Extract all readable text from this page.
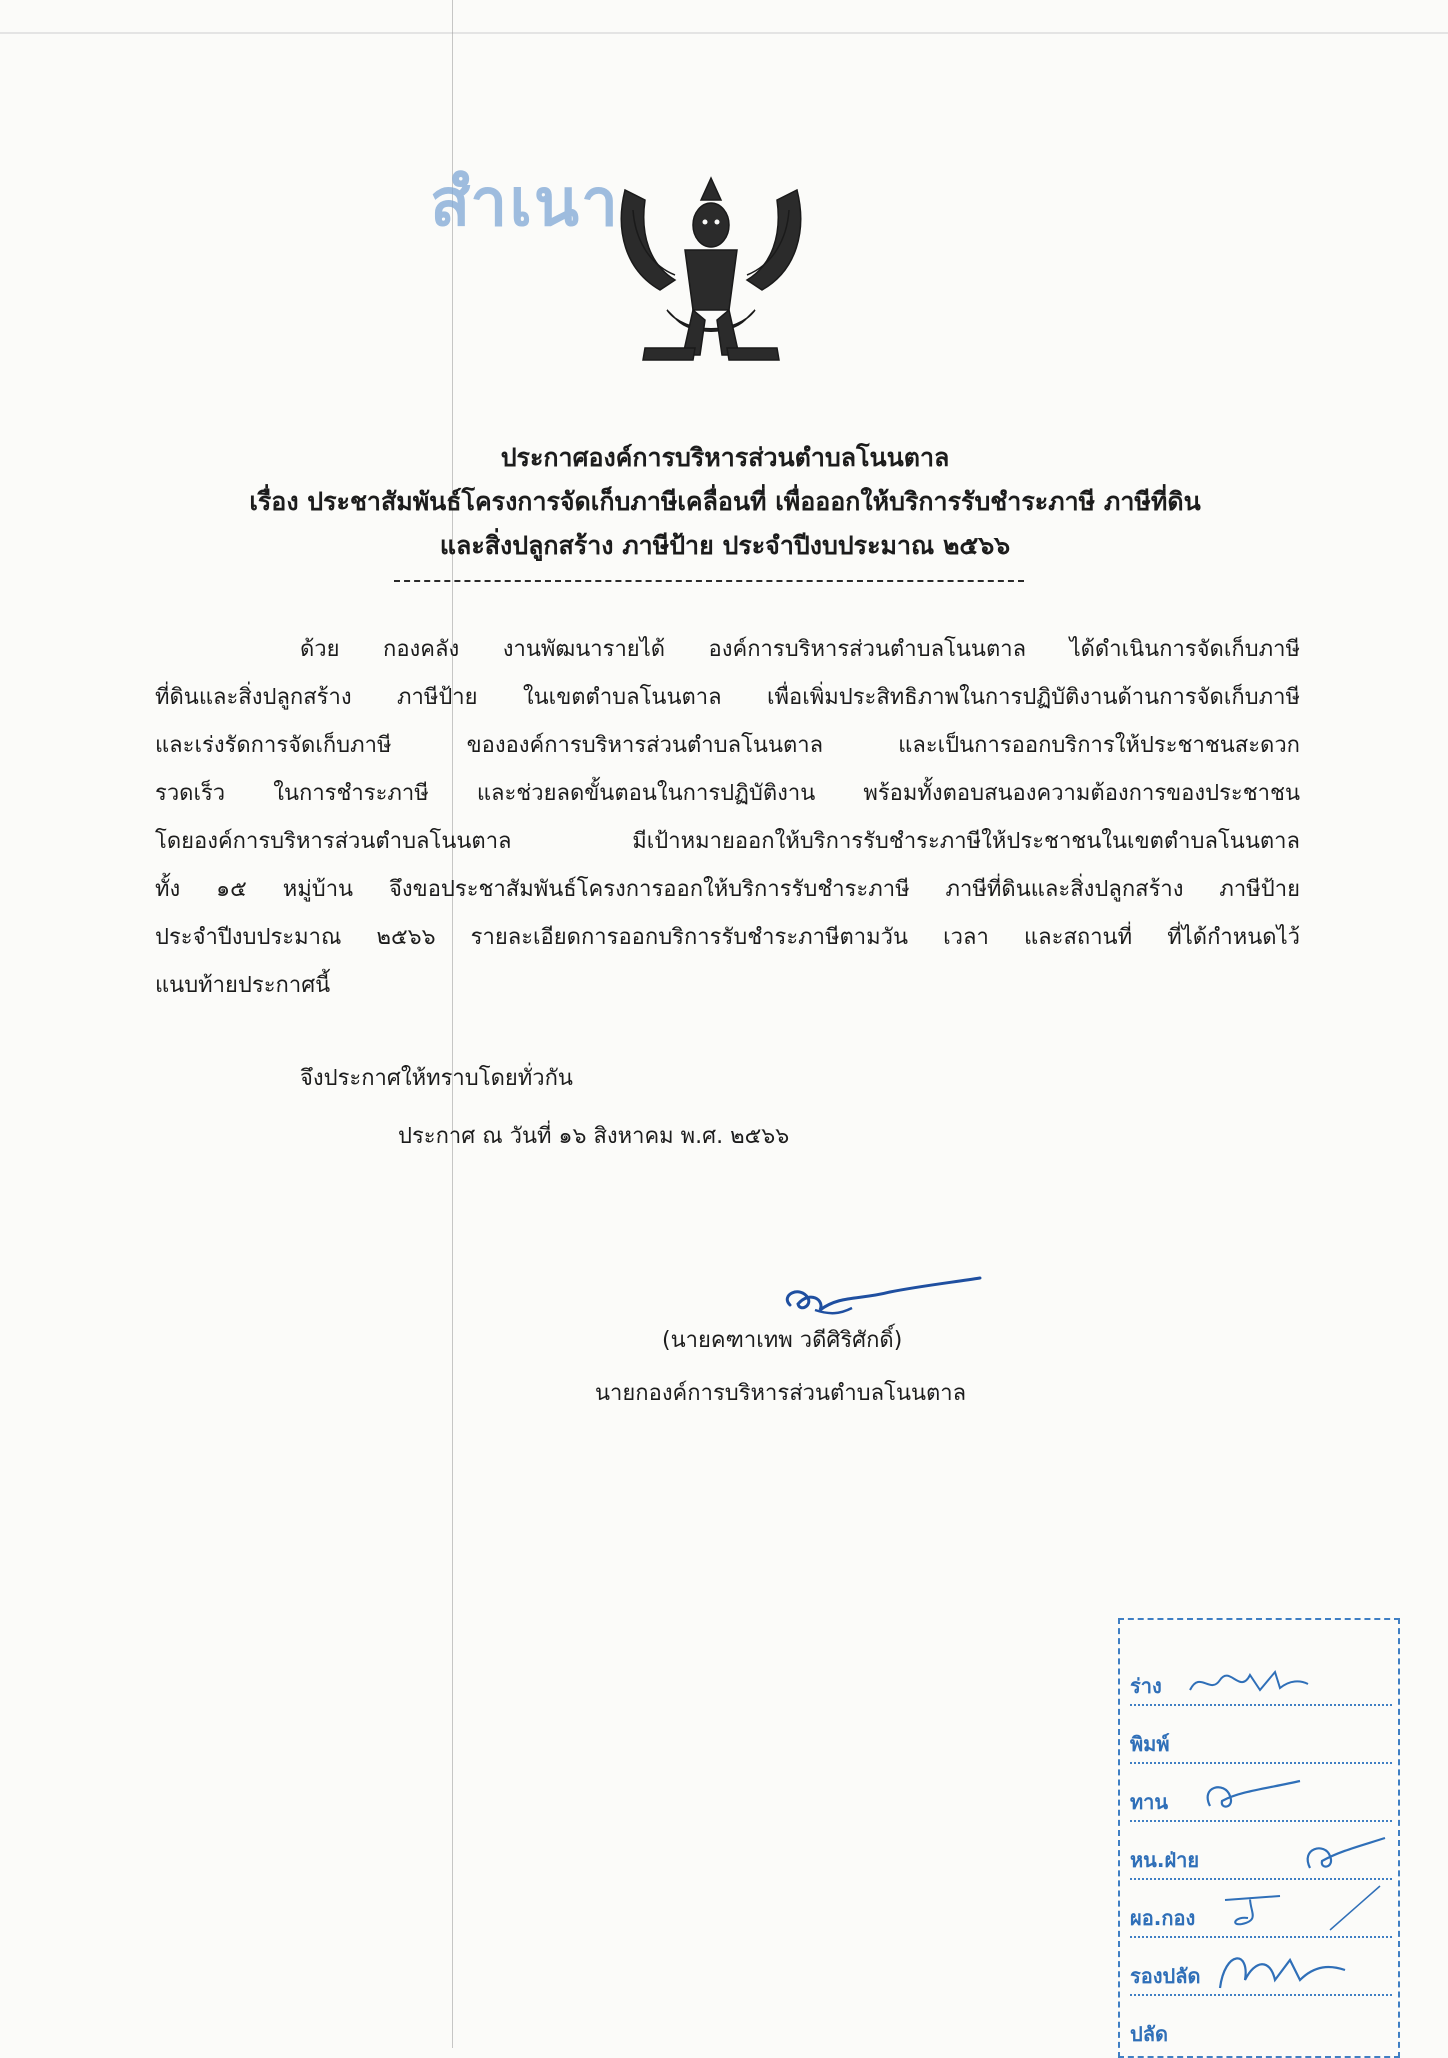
สำเนา
ประกาศองค์การบริหารส่วนตำบลโนนตาล
เรื่อง ประชาสัมพันธ์โครงการจัดเก็บภาษีเคลื่อนที่ เพื่อออกให้บริการรับชำระภาษี ภาษีที่ดิน
และสิ่งปลูกสร้าง ภาษีป้าย ประจำปีงบประมาณ ๒๕๖๖
ด้วย กองคลัง งานพัฒนารายได้ องค์การบริหารส่วนตำบลโนนตาล ได้ดำเนินการจัดเก็บภาษี
ที่ดินและสิ่งปลูกสร้าง ภาษีป้าย ในเขตตำบลโนนตาล เพื่อเพิ่มประสิทธิภาพในการปฏิบัติงานด้านการจัดเก็บภาษี
และเร่งรัดการจัดเก็บภาษี ขององค์การบริหารส่วนตำบลโนนตาล และเป็นการออกบริการให้ประชาชนสะดวก
รวดเร็ว ในการชำระภาษี และช่วยลดขั้นตอนในการปฏิบัติงาน พร้อมทั้งตอบสนองความต้องการของประชาชน
โดยองค์การบริหารส่วนตำบลโนนตาล มีเป้าหมายออกให้บริการรับชำระภาษีให้ประชาชนในเขตตำบลโนนตาล
ทั้ง ๑๕ หมู่บ้าน จึงขอประชาสัมพันธ์โครงการออกให้บริการรับชำระภาษี ภาษีที่ดินและสิ่งปลูกสร้าง ภาษีป้าย
ประจำปีงบประมาณ ๒๕๖๖ รายละเอียดการออกบริการรับชำระภาษีตามวัน เวลา และสถานที่ ที่ได้กำหนดไว้
แนบท้ายประกาศนี้
จึงประกาศให้ทราบโดยทั่วกัน
ประกาศ ณ วันที่ ๑๖ สิงหาคม พ.ศ. ๒๕๖๖
(นายคฑาเทพ วดีศิริศักดิ์)
นายกองค์การบริหารส่วนตำบลโนนตาล
ร่าง
พิมพ์
ทาน
หน.ฝ่าย
ผอ.กอง
รองปลัด
ปลัด
